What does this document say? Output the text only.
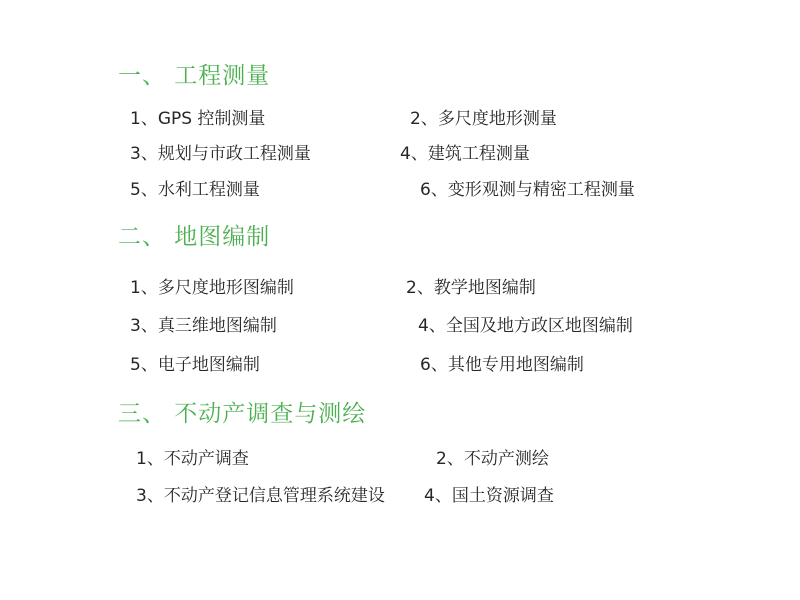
一、 工程测量
1、GPS 控制测量	2、多尺度地形测量
3、规划与市政工程测量	4、建筑工程测量
5、水利工程测量	6、变形观测与精密工程测量
二、 地图编制
1、多尺度地形图编制	2、教学地图编制
3、真三维地图编制	4、全国及地方政区地图编制
5、电子地图编制	6、其他专用地图编制
三、 不动产调查与测绘
1、不动产调查	2、不动产测绘
3、不动产登记信息管理系统建设	4、国土资源调查
